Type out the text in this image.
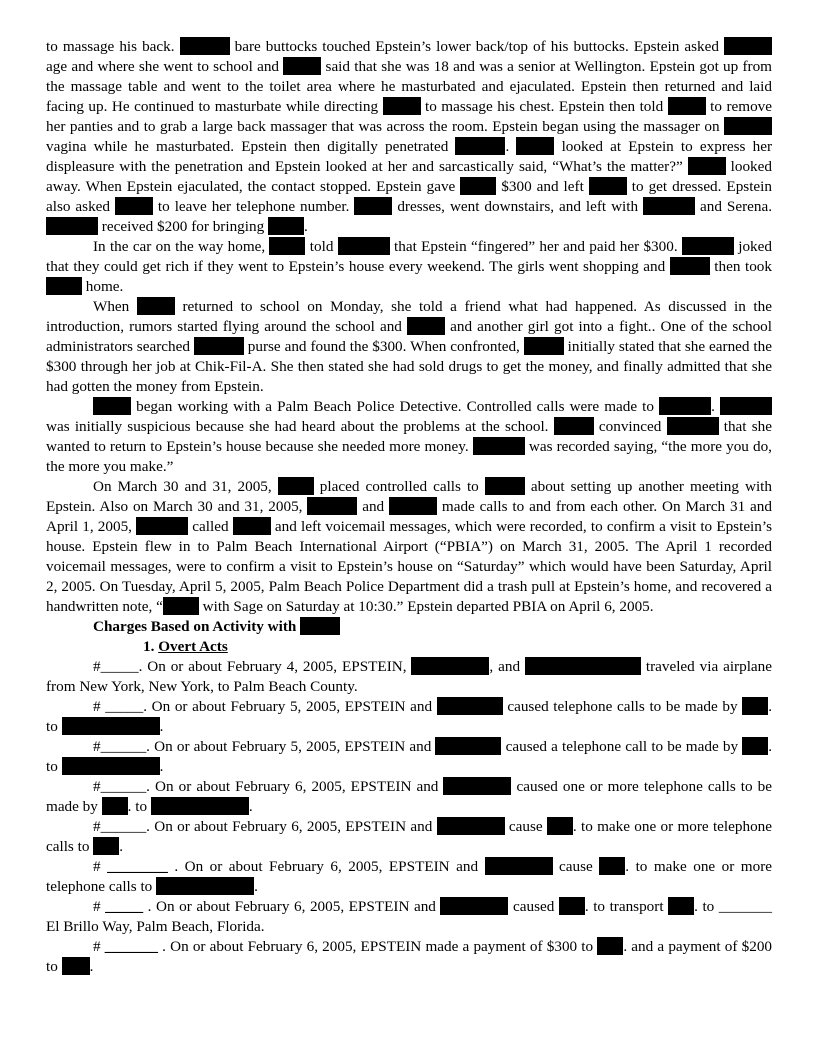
to massage his back.	bare buttocks touched Epstein’s lower back/top of his buttocks. Epstein asked  age and where she went to school and	said that she was 18 and was a senior at Wellington. Epstein got up from the massage table and went to the toilet area where he masturbated and ejaculated. Epstein then returned and laid facing up. He continued to masturbate while directing	to massage his chest. Epstein then told	to remove her panties and to grab a large back massager that was across the room. Epstein began using the massager on  vagina while he masturbated. Epstein then digitally penetrated	.	looked at Epstein to express her displeasure with the penetration and Epstein looked at her and sarcastically said, “What’s the matter?”	looked away. When Epstein ejaculated, the contact stopped. Epstein gave  $300 and left	to get dressed. Epstein also asked	to leave her telephone number.	dresses, went downstairs, and left with	and Serena.  received $200 for bringing .

In the car on the way home,  told	that Epstein “fingered” her and paid her $300.	joked that they could get rich if they went to Epstein’s house every weekend. The girls went shopping and	then took  home.

When	returned to school on Monday, she told a friend what had happened. As discussed in the introduction, rumors started flying around the school and	and another girl got into a fight.. One of the school administrators searched	purse and found the $300. When confronted,	initially stated that she earned the $300 through her job at Chik-Fil-A. She then stated she had sold drugs to get the money, and finally admitted that she had gotten the money from Epstein.

began working with a Palm Beach Police Detective. Controlled calls were made to	.  was initially suspicious because she had heard about the problems at the school.	convinced	that she wanted to return to Epstein’s house because she needed more money.	was recorded saying, “the more you do, the more you make.”

On March 30 and 31, 2005,  placed controlled calls to	about setting up another meeting with Epstein. Also on March 30 and 31, 2005,	and	made calls to and from each other. On March 31 and April 1, 2005,	called	and left voicemail messages, which were recorded, to confirm a visit to Epstein’s house. Epstein flew in to Palm Beach International Airport (“PBIA”) on March 31, 2005. The April 1 recorded voicemail messages, were to confirm a visit to Epstein’s house on “Saturday” which would have been Saturday, April 2, 2005. On Tuesday, April 5, 2005, Palm Beach Police Department did a trash pull at Epstein’s home, and recovered a handwritten note, “ with Sage on Saturday at 10:30.” Epstein departed PBIA on April 6, 2005.

Charges Based on Activity with

1. Overt Acts

#_____. On or about February 4, 2005, EPSTEIN,	, and	traveled via airplane from New York, New York, to Palm Beach County.

# _____. On or about February 5, 2005, EPSTEIN and	caused telephone calls to be made by . to	.

#______. On or about February 5, 2005, EPSTEIN and	caused a telephone call to be made by . to	.

#______. On or about February 6, 2005, EPSTEIN and	caused one or more telephone calls to be made by . to	.

#______. On or about February 6, 2005, EPSTEIN and	cause . to make one or more telephone calls to .

# ________ . On or about February 6, 2005, EPSTEIN and	cause . to make one or more telephone calls to	.

# _____ . On or about February 6, 2005, EPSTEIN and	caused . to transport . to _______ El Brillo Way, Palm Beach, Florida.

# _______ . On or about February 6, 2005, EPSTEIN made a payment of $300 to . and a payment of $200 to .
